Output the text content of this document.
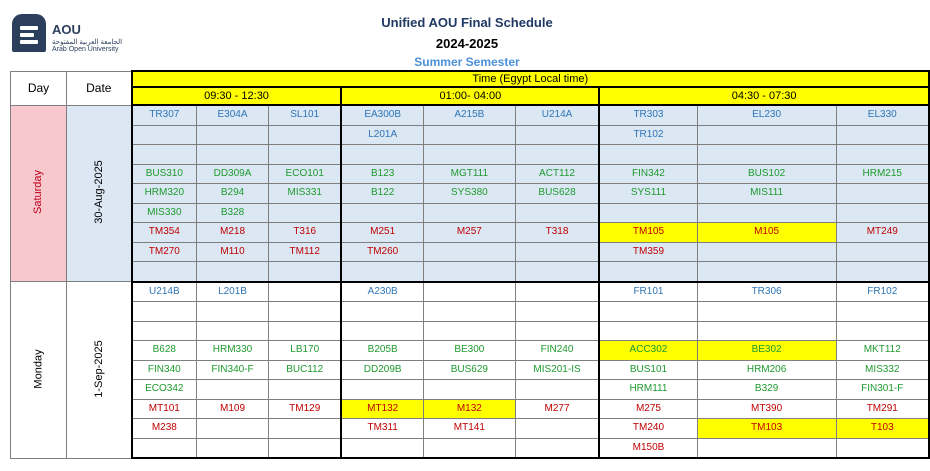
AOU
الجامعة العربية المفتوحة
Arab Open University
Unified AOU Final Schedule
2024-2025
Summer Semester
Day	Date	Time (Egypt Local time)								
		09:30 - 12:30			01:00- 04:00			04:30 - 07:30		
Saturday	30-Aug-2025	TR307	E304A	SL101	EA300B	A215B	U214A	TR303	EL230	EL330
					L201A			TR102		

		BUS310	DD309A	ECO101	B123	MGT111	ACT112	FIN342	BUS102	HRM215
		HRM320	B294	MIS331	B122	SYS380	BUS628	SYS111	MIS111	
		MIS330	B328							
		TM354	M218	T316	M251	M257	T318	TM105	M105	MT249
		TM270	M110	TM112	TM260			TM359		

Monday	1-Sep-2025	U214B	L201B		A230B			FR101	TR306	FR102

		B628	HRM330	LB170	B205B	BE300	FIN240	ACC302	BE302	MKT112
		FIN340	FIN340-F	BUC112	DD209B	BUS629	MIS201-IS	BUS101	HRM206	MIS332
		ECO342						HRM111	B329	FIN301-F
		MT101	M109	TM129	MT132	M132	M277	M275	MT390	TM291
		M238			TM311	MT141		TM240	TM103	T103
								M150B		
